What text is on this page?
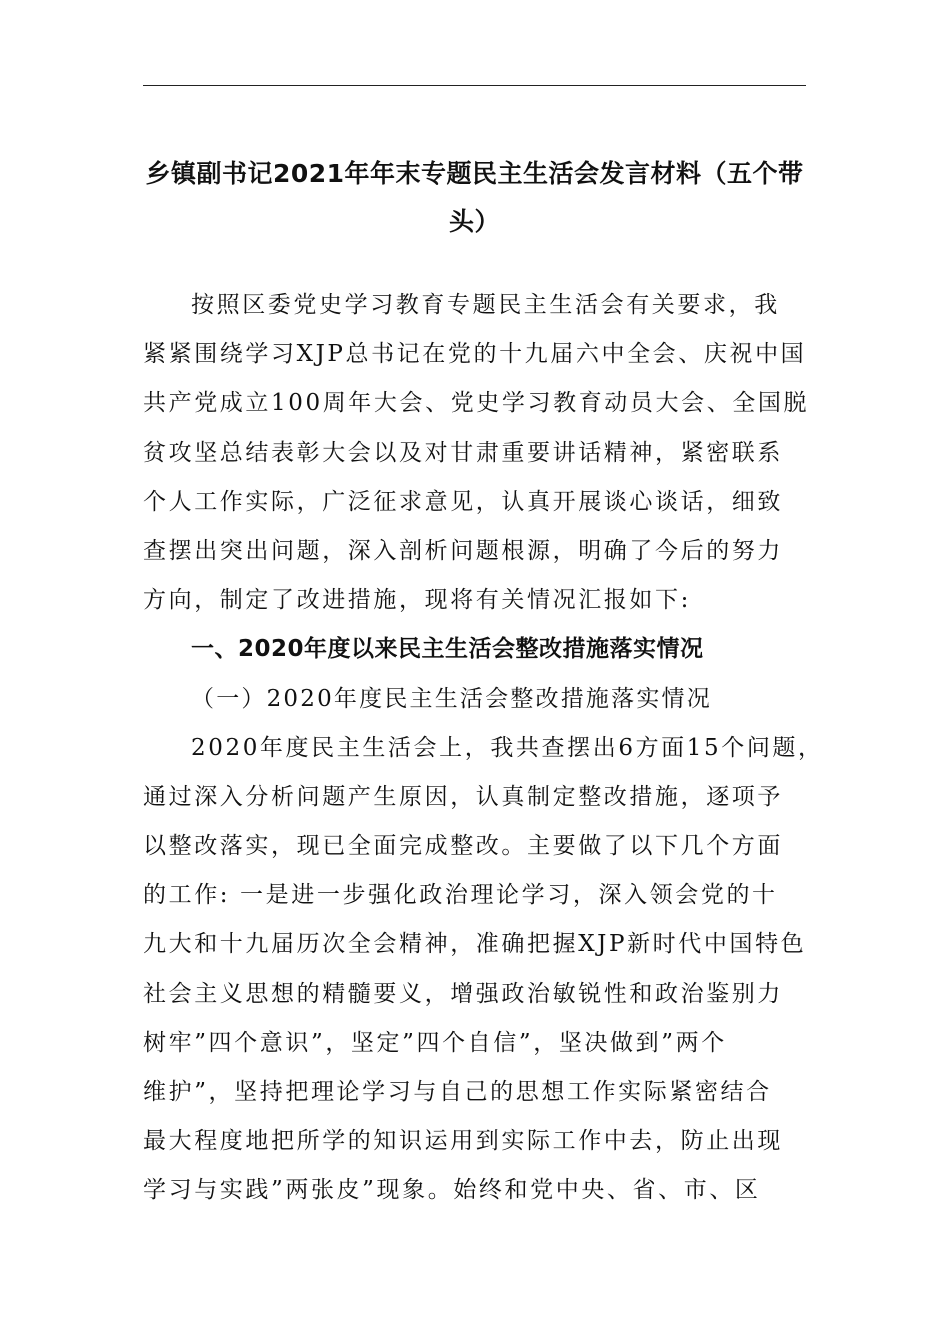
乡镇副书记2021年年末专题民主生活会发言材料（五个带
头）
按照区委党史学习教育专题民主生活会有关要求，我
紧紧围绕学习XJP总书记在党的十九届六中全会、庆祝中国
共产党成立100周年大会、党史学习教育动员大会、全国脱
贫攻坚总结表彰大会以及对甘肃重要讲话精神，紧密联系
个人工作实际，广泛征求意见，认真开展谈心谈话，细致
查摆出突出问题，深入剖析问题根源，明确了今后的努力
方向，制定了改进措施，现将有关情况汇报如下:
一、2020年度以来民主生活会整改措施落实情况
（一）2020年度民主生活会整改措施落实情况
2020年度民主生活会上，我共查摆出6方面15个问题，
通过深入分析问题产生原因，认真制定整改措施，逐项予
以整改落实，现已全面完成整改。主要做了以下几个方面
的工作: 一是进一步强化政治理论学习，深入领会党的十
九大和十九届历次全会精神，准确把握XJP新时代中国特色
社会主义思想的精髓要义，增强政治敏锐性和政治鉴别力
树牢”四个意识”，坚定”四个自信”，坚决做到”两个
维护”，坚持把理论学习与自己的思想工作实际紧密结合
最大程度地把所学的知识运用到实际工作中去，防止出现
学习与实践”两张皮”现象。始终和党中央、省、市、区
